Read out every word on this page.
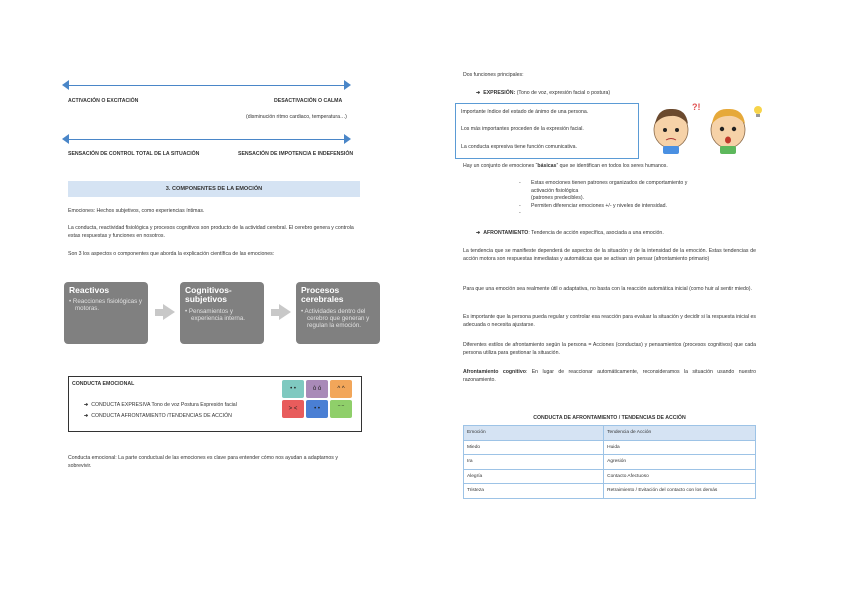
ACTIVACIÓN O EXCITACIÓN	DESACTIVACIÓN O CALMA
(disminución ritmo cardiaco, temperatura…)
SENSACIÓN DE CONTROL TOTAL DE LA SITUACIÓN	SENSACIÓN DE IMPOTENCIA E INDEFENSIÓN
3. COMPONENTES DE LA EMOCIÓN
Emociones: Hechos subjetivos, como experiencias íntimas.
La conducta, reactividad fisiológica y procesos cognitivos son producto de la actividad cerebral. El cerebro genera y controla estas respuestas y funciones en nosotros.
Son 3 los aspectos o componentes que aborda la explicación científica de las emociones:
Reactivos
• Reacciones fisiológicas y motoras.
Cognitivos-subjetivos
• Pensamientos y experiencia interna.
Procesos cerebrales
• Actividades dentro del cerebro que generan y regulan la emoción.
CONDUCTA EMOCIONAL
➔ CONDUCTA EXPRESIVA Tono de voz Postura Expresión facial
➔ CONDUCTA AFRONTAMIENTO /TENDENCIAS DE ACCIÓN
• •	ò ó	^ ^
> <	• •	‾ ‾
Conducta emocional: La parte conductual de las emociones es clave para entender cómo nos ayudan a adaptarnos y sobrevivir.
Dos funciones principales:
➔ EXPRESIÓN: (Tono de voz, expresión facial o postura)
Importante índice del estado de ánimo de una persona.
Los más importantes proceden de la expresión facial.
La conducta expresiva tiene función comunicativa.
?!
Hay un conjunto de emociones “básicas” que se identifican en todos los seres humanos.
- Estas emociones tienen patrones organizados de comportamiento y
activación fisiológica
(patrones predecibles).
- Permiten diferenciar emociones +/- y niveles de intensidad.
-
➔ AFRONTAMIENTO: Tendencia de acción específica, asociada a una emoción.
La tendencia que se manifieste dependerá de aspectos de la situación y de la intensidad de la emoción. Estas tendencias de acción motora son respuestas inmediatas y automáticas que se activan sin pensar (afrontamiento primario)
Para que una emoción sea realmente útil o adaptativa, no basta con la reacción automática inicial (como huir al sentir miedo).
Es importante que la persona pueda regular y controlar esa reacción para evaluar la situación y decidir si la respuesta inicial es adecuada o necesita ajustarse.
Diferentes estilos de afrontamiento según la persona = Acciones (conductas) y pensamientos (procesos cognitivos) que cada persona utiliza para gestionar la situación.
Afrontamiento cognitivo: En lugar de reaccionar automáticamente, reconsideramos la situación usando nuestro razonamiento.
CONDUCTA DE AFRONTAMIENTO / TENDENCIAS DE ACCIÓN
Emoción	Tendencia de Acción
Miedo	Huida
Ira	Agresión
Alegría	Contacto Afectuoso
Tristeza	Retraimiento / Evitación del contacto con los demás
